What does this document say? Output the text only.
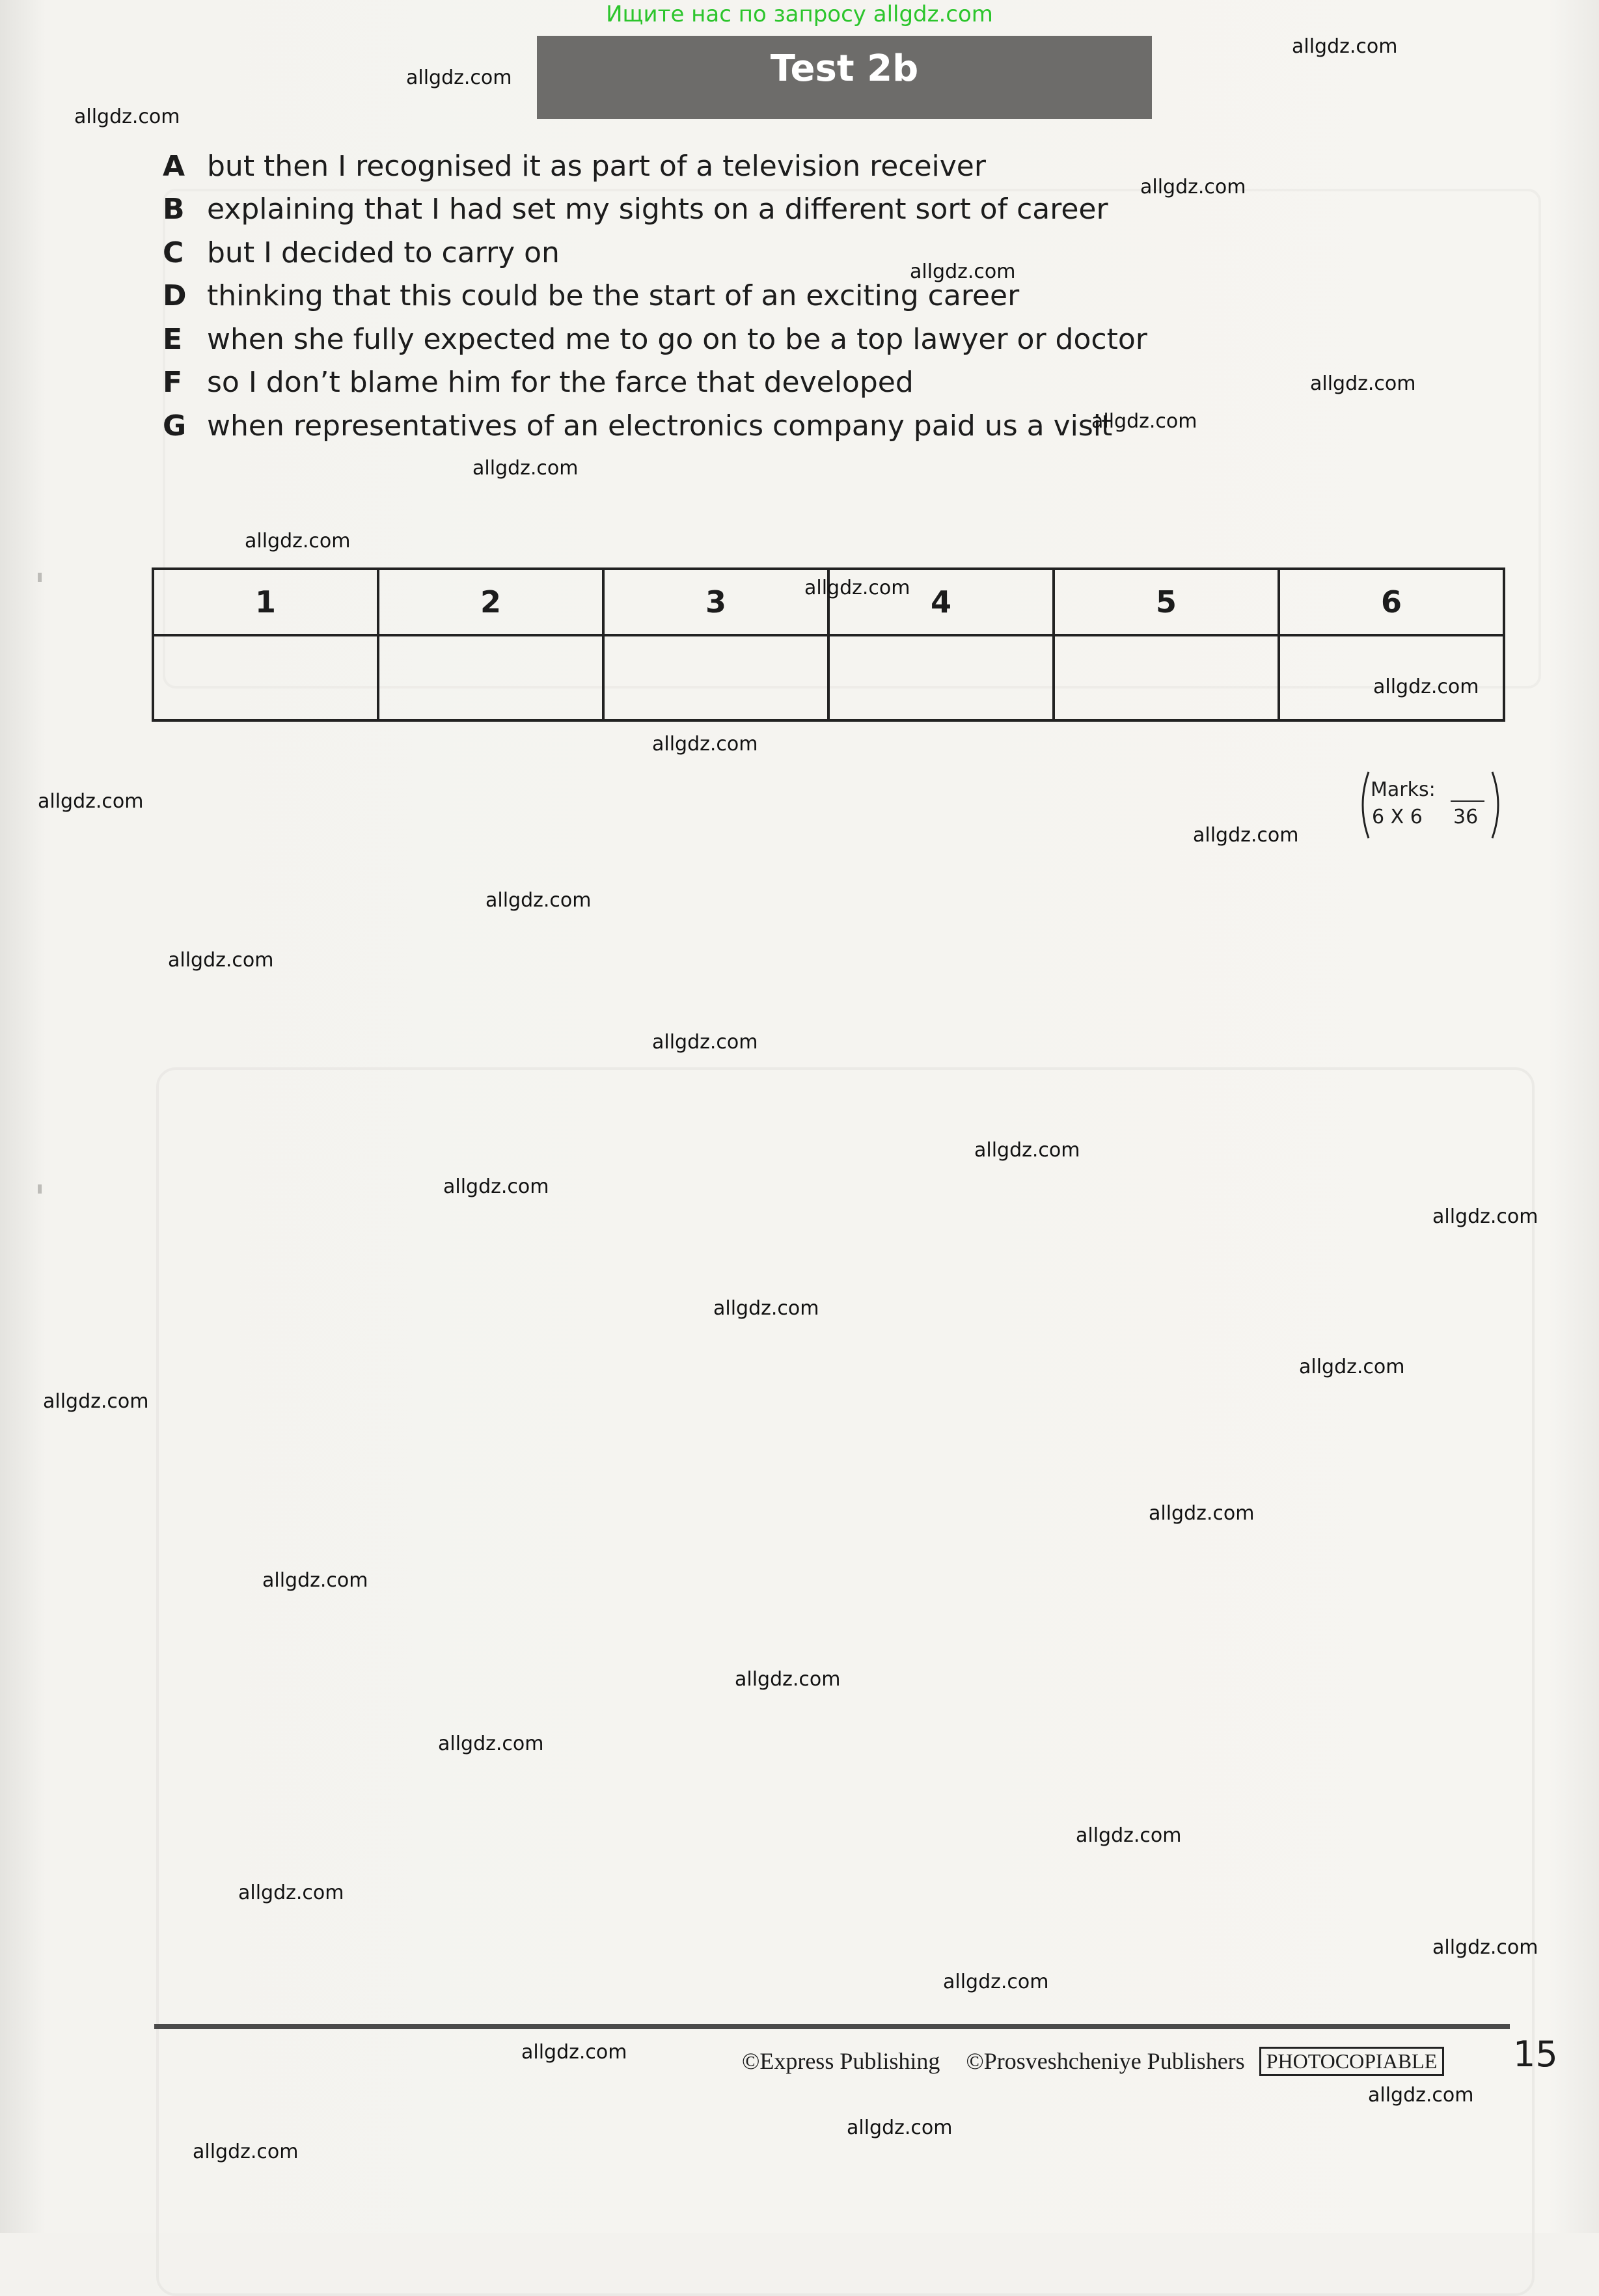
Ищите нас по запросу allgdz.com
Test 2b
A but then I recognised it as part of a television receiver
B explaining that I had set my sights on a different sort of career
C but I decided to carry on
D thinking that this could be the start of an exciting career
E when she fully expected me to go on to be a top lawyer or doctor
F so I don’t blame him for the farce that developed
G when representatives of an electronics company paid us a visit
1	2	3	4	5	6

Marks:
6 X 6 36
©Express Publishing ©Prosveshcheniye Publishers	PHOTOCOPIABLE 15
allgdz.com
allgdz.com
allgdz.com
allgdz.com
allgdz.com
allgdz.com
allgdz.com
allgdz.com
allgdz.com
allgdz.com
allgdz.com
allgdz.com
allgdz.com
allgdz.com
allgdz.com
allgdz.com
allgdz.com
allgdz.com
allgdz.com
allgdz.com
allgdz.com
allgdz.com
allgdz.com
allgdz.com
allgdz.com
allgdz.com
allgdz.com
allgdz.com
allgdz.com
allgdz.com
allgdz.com
allgdz.com
allgdz.com
allgdz.com
allgdz.com
